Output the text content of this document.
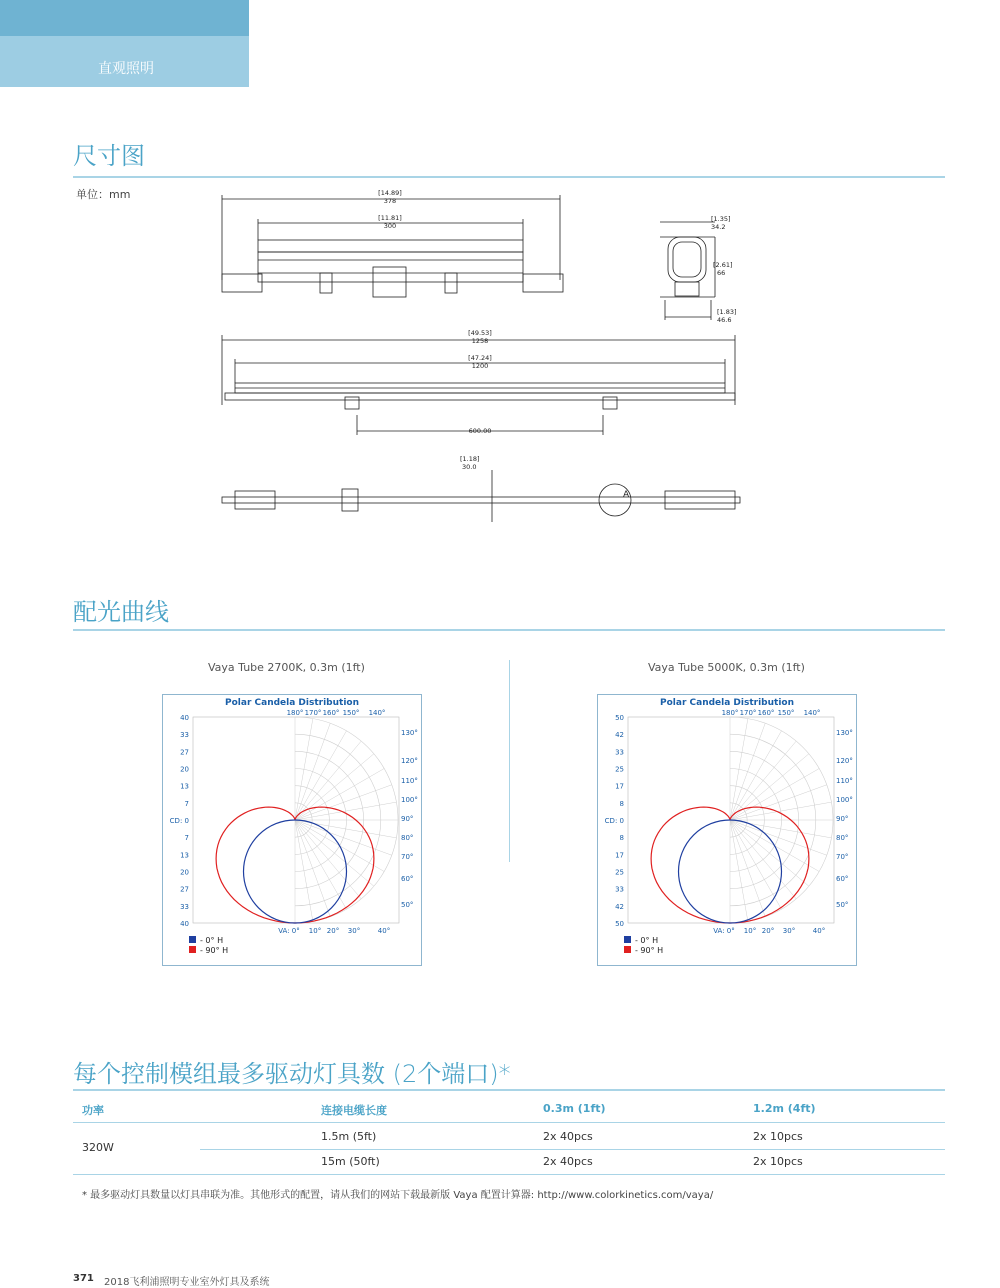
直观照明
尺寸图
单位：mm	[14.89]
378
[11.81]
300
[1.35]
34.2
[2.61]
66
[1.83]
46.6
[49.53]
1258
[47.24]
1200
600.00
[1.18]
30.0
A
配光曲线
Vaya Tube 2700K, 0.3m (1ft)	Vaya Tube 5000K, 0.3m (1ft)
Polar Candela Distribution
40
33
27
20
13
7
CD: 0
7
13
20
27
33
40
180° 170° 160° 150° 140°
130°
120°
110°
100°
90°
80°
70°
60°
50°
VA: 0° 10° 20° 30°	40°
- 0° H
- 90° H
Polar Candela Distribution
50
42
33
25
17
8
CD: 0
8
17
25
33
42
50
180° 170° 160° 150° 140°
130°
120°
110°
100°
90°
80°
70°
60°
50°
VA: 0° 10° 20° 30°	40°
- 0° H
- 90° H
每个控制模组最多驱动灯具数 (2个端口)*
功率	连接电缆长度	0.3m (1ft)	1.2m (4ft)
320W
1.5m (5ft)	2x 40pcs	2x 10pcs
15m (50ft)	2x 40pcs	2x 10pcs
* 最多驱动灯具数量以灯具串联为准。其他形式的配置，请从我们的网站下载最新版 Vaya 配置计算器: http://www.colorkinetics.com/vaya/
371 2018飞利浦照明专业室外灯具及系统
